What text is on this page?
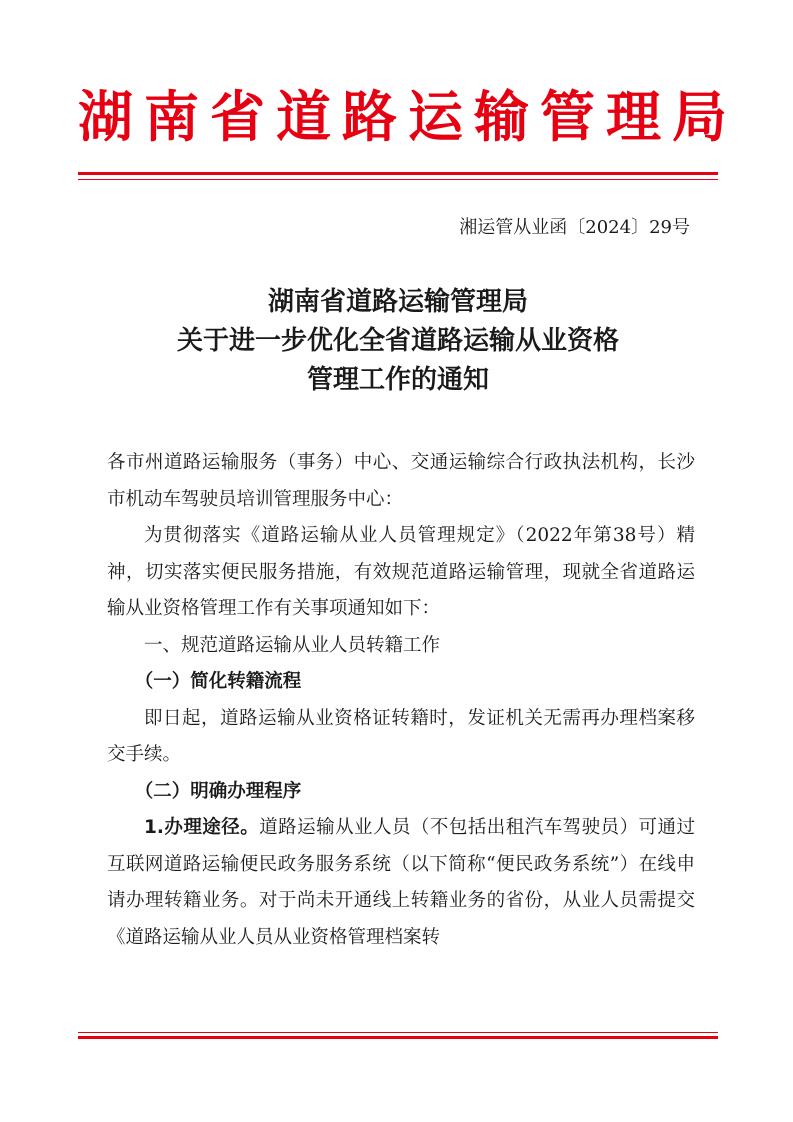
湖南省道路运输管理局
湘运管从业函〔2024〕29号
湖南省道路运输管理局
关于进一步优化全省道路运输从业资格
管理工作的通知

各市州道路运输服务（事务）中心、交通运输综合行政执法机构，长沙市机动车驾驶员培训管理服务中心：

为贯彻落实《道路运输从业人员管理规定》（2022年第38号）精神，切实落实便民服务措施，有效规范道路运输管理，现就全省道路运输从业资格管理工作有关事项通知如下：

一、规范道路运输从业人员转籍工作

（一）简化转籍流程

即日起，道路运输从业资格证转籍时，发证机关无需再办理档案移交手续。

（二）明确办理程序

1.办理途径。道路运输从业人员（不包括出租汽车驾驶员）可通过互联网道路运输便民政务服务系统（以下简称“便民政务系统”）在线申请办理转籍业务。对于尚未开通线上转籍业务的省份，从业人员需提交《道路运输从业人员从业资格管理档案转
